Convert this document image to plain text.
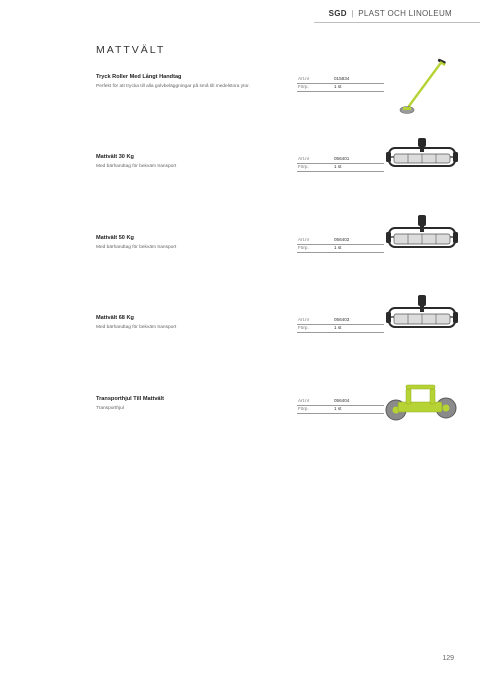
SGD | PLAST OCH LINOLEUM
MATTVÄLT
Tryck Roller Med Långt Handtag
Perfekt för att trycka till alla golvbeläggningar på små till medelstora ytor.
Art.nr	015834
Förp.	1 st
Mattvält 30 Kg
Med bärhandtag för bekväm transport
Art.nr	056401
Förp.	1 st
Mattvält 50 Kg
Med bärhandtag för bekväm transport
Art.nr	056402
Förp.	1 st
Mattvält 68 Kg
Med bärhandtag för bekväm transport
Art.nr	056403
Förp.	1 st
Transporthjul Till Mattvält
Transporthjul
Art.nr	056404
Förp.	1 st
129
